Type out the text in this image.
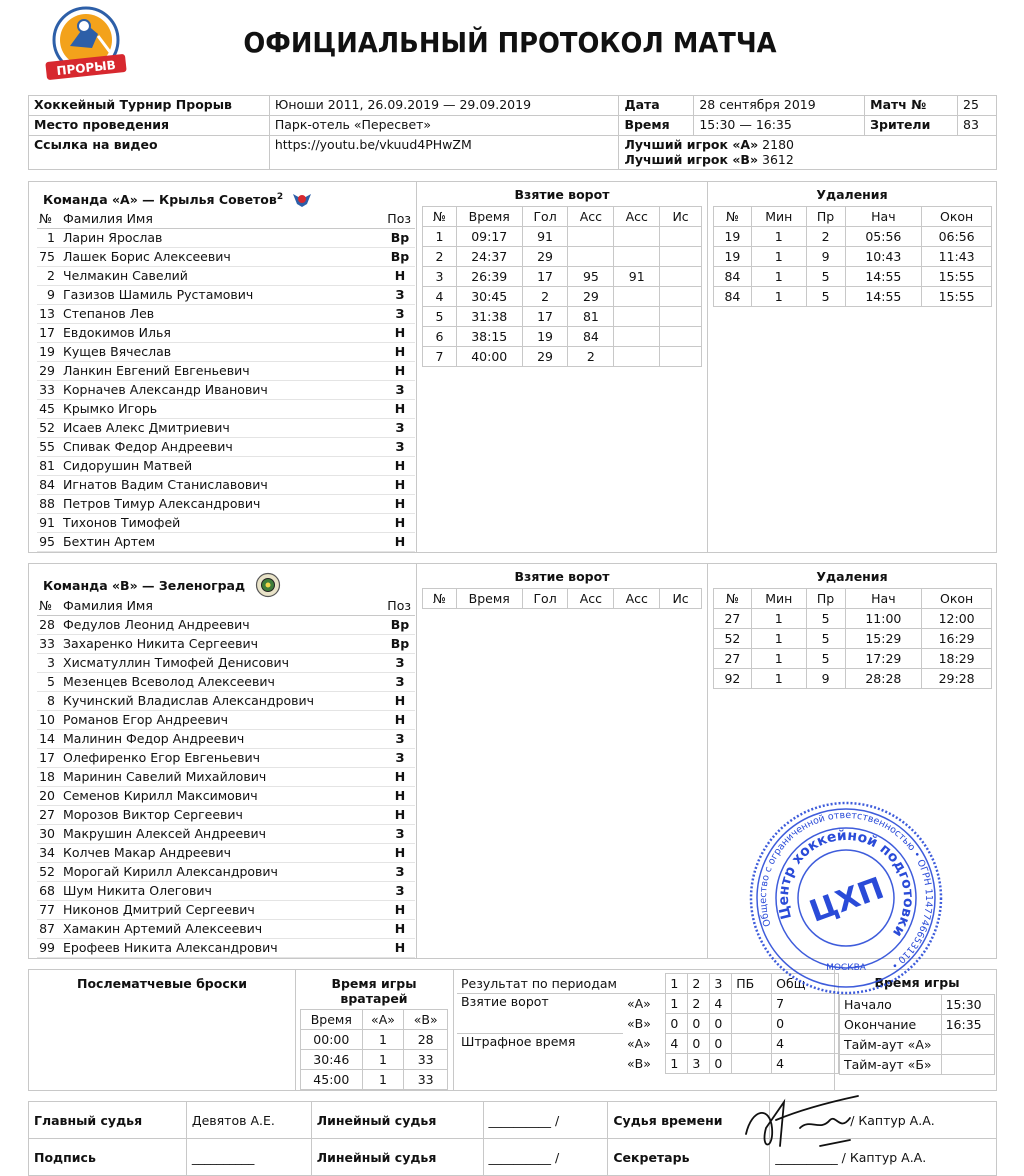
ПРОРЫВ
ОФИЦИАЛЬНЫЙ ПРОТОКОЛ МАТЧА
Хоккейный Турнир Прорыв	Юноши 2011, 26.09.2019 — 29.09.2019	Дата	28 сентября 2019	Матч №	25
Место проведения	Парк-отель «Пересвет»	Время	15:30 — 16:35	Зрители	83
Ссылка на видео	https://youtu.be/vkuud4PHwZM	Лучший игрок «А» 2180
Лучший игрок «В» 3612			
Команда «А» — Крылья Советов$^2$
№	Фамилия Имя	Поз
1	Ларин Ярослав	Вр
75	Лашек Борис Алексеевич	Вр
2	Челмакин Савелий	Н
9	Газизов Шамиль Рустамович	З
13	Степанов Лев	З
17	Евдокимов Илья	Н
19	Кущев Вячеслав	Н
29	Ланкин Евгений Евгеньевич	Н
33	Корначев Александр Иванович	З
45	Крымко Игорь	Н
52	Исаев Алекс Дмитриевич	З
55	Спивак Федор Андреевич	З
81	Сидорушин Матвей	Н
84	Игнатов Вадим Станиславович	Н
88	Петров Тимур Александрович	Н
91	Тихонов Тимофей	Н
95	Бехтин Артем	Н
Взятие ворот
№	Время	Гол	Асс	Асс	Ис
1	09:17	91			
2	24:37	29			
3	26:39	17	95	91	
4	30:45	2	29		
5	31:38	17	81		
6	38:15	19	84		
7	40:00	29	2		
Удаления
№	Мин	Пр	Нач	Окон
19	1	2	05:56	06:56
19	1	9	10:43	11:43
84	1	5	14:55	15:55
84	1	5	14:55	15:55
Команда «В» — Зеленоград
№	Фамилия Имя	Поз
28	Федулов Леонид Андреевич	Вр
33	Захаренко Никита Сергеевич	Вр
3	Хисматуллин Тимофей Денисович	З
5	Мезенцев Всеволод Алексеевич	З
8	Кучинский Владислав Александрович	Н
10	Романов Егор Андреевич	Н
14	Малинин Федор Андреевич	З
17	Олефиренко Егор Евгеньевич	З
18	Маринин Савелий Михайлович	Н
20	Семенов Кирилл Максимович	Н
27	Морозов Виктор Сергеевич	Н
30	Макрушин Алексей Андреевич	З
34	Колчев Макар Андреевич	Н
52	Морогай Кирилл Александрович	З
68	Шум Никита Олегович	З
77	Никонов Дмитрий Сергеевич	Н
87	Хамакин Артемий Алексеевич	Н
99	Ерофеев Никита Александрович	Н
Взятие ворот
№	Время	Гол	Асс	Асс	Ис
Удаления
№	Мин	Пр	Нач	Окон
27	1	5	11:00	12:00
52	1	5	15:29	16:29
27	1	5	17:29	18:29
92	1	9	28:28	29:28
Послематчевые броски	Время игры вратарей
Время	«А»	«В»
00:00	1	28
30:46	1	33
45:00	1	33
Результат по периодам		1	2	3	ПБ	Общ
Взятие ворот	«А»	1	2	4		7
	«В»	0	0	0		0
Штрафное время	«А»	4	0	0		4
	«В»	1	3	0		4
Время игры
Начало	15:30
Окончание	16:35
Тайм-аут «А»	
Тайм-аут «Б»	
Главный судья	Девятов А.Е.	Линейный судья	__________ /	Судья времени	/ Каптур А.А.
Подпись	__________	Линейный судья	__________ /	Секретарь	__________ / Каптур А.А.
Общество с ограниченной ответственностью • ОГРН 1147746653110 •
Центр хоккейной подготовки
ЦХП
МОСКВА
